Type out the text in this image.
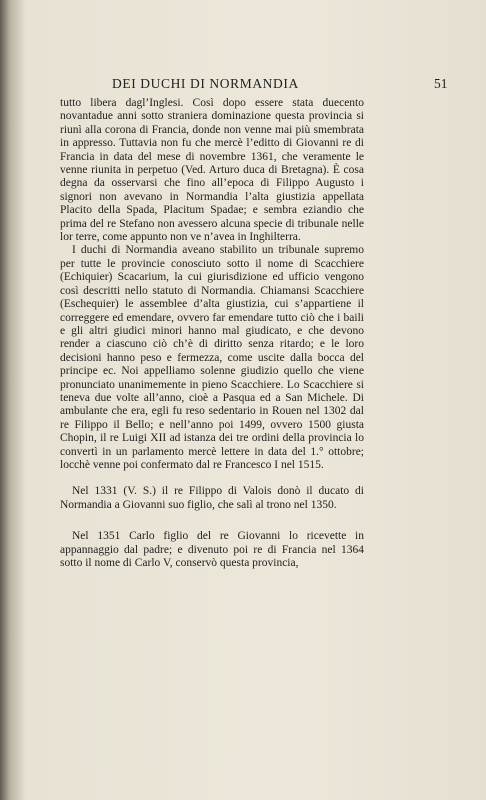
DEI DUCHI DI NORMANDIA	51

tutto libera dagl’Inglesi. Così dopo essere stata duecento novantadue anni sotto straniera dominazione questa provincia si riunì alla corona di Francia, donde non venne mai più smembrata in appresso. Tuttavia non fu che mercè l’editto di Giovanni re di Francia in data del mese di novembre 1361, che veramente le venne riunita in perpetuo (Ved. Arturo duca di Bretagna). È cosa degna da osservarsi che fino all’epoca di Filippo Augusto i signori non avevano in Normandia l’alta giustizia appellata Placito della Spada, Placitum Spadae; e sembra eziandio che prima del re Stefano non avessero alcuna specie di tribunale nelle lor terre, come appunto non ve n’avea in Inghilterra.

I duchi di Normandia aveano stabilito un tribunale supremo per tutte le provincie conosciuto sotto il nome di Scacchiere (Echiquier) Scacarium, la cui giurisdizione ed ufficio vengono così descritti nello statuto di Normandia. Chiamansi Scacchiere (Eschequier) le assemblee d’alta giustizia, cui s’appartiene il correggere ed emendare, ovvero far emendare tutto ciò che i baili e gli altri giudici minori hanno mal giudicato, e che devono render a ciascuno ciò ch’è di diritto senza ritardo; e le loro decisioni hanno peso e fermezza, come uscite dalla bocca del principe ec. Noi appelliamo solenne giudizio quello che viene pronunciato unanimemente in pieno Scacchiere. Lo Scacchiere si teneva due volte all’anno, cioè a Pasqua ed a San Michele. Di ambulante che era, egli fu reso sedentario in Rouen nel 1302 dal re Filippo il Bello; e nell’anno poi 1499, ovvero 1500 giusta Chopin, il re Luigi XII ad istanza dei tre ordini della provincia lo convertì in un parlamento mercè lettere in data del 1.° ottobre; locchè venne poi confermato dal re Francesco I nel 1515.

Nel 1331 (V. S.) il re Filippo di Valois donò il ducato di Normandia a Giovanni suo figlio, che salì al trono nel 1350.

Nel 1351 Carlo figlio del re Giovanni lo ricevette in appannaggio dal padre; e divenuto poi re di Francia nel 1364 sotto il nome di Carlo V, conservò questa provincia,
